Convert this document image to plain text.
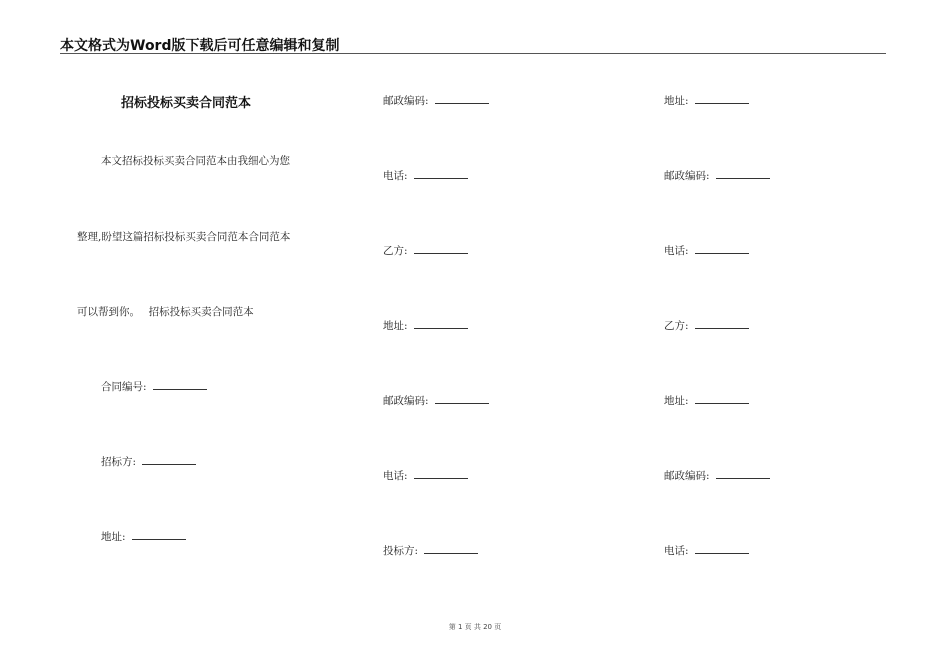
本文格式为Word版下载后可任意编辑和复制
招标投标买卖合同范本
本文招标投标买卖合同范本由我细心为您
整理,盼望这篇招标投标买卖合同范本合同范本
可以帮到你。　 招标投标买卖合同范本
合同编号:
招标方:
地址:
邮政编码:
电话:
乙方:
地址:
邮政编码:
电话:
投标方:
地址:
邮政编码:
电话:
乙方:
地址:
邮政编码:
电话:
第 1 页 共 20 页
